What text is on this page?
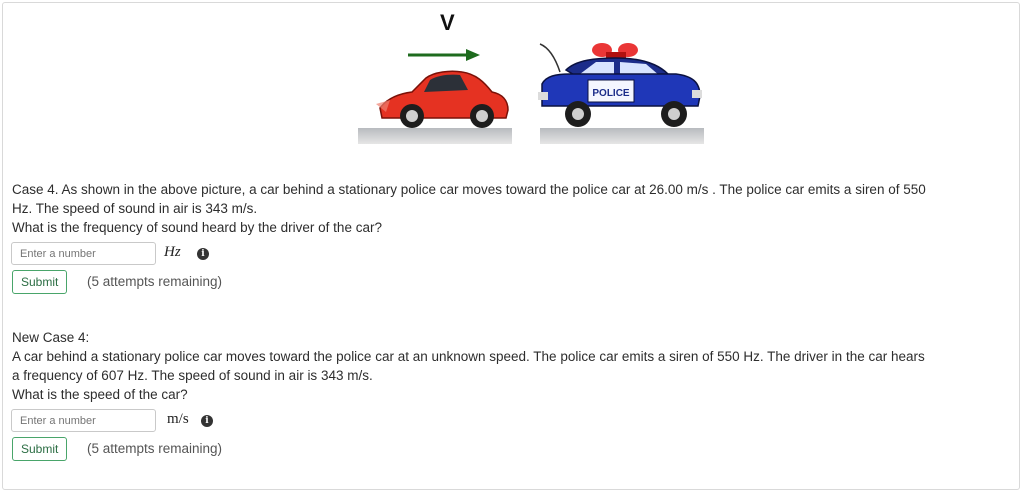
V
POLICE
Case 4. As shown in the above picture, a car behind a stationary police car moves toward the police car at 26.00 m/s . The police car emits a siren of 550
Hz. The speed of sound in air is 343 m/s.
What is the frequency of sound heard by the driver of the car?
Enter a number
Hz	i
Submit	(5 attempts remaining)
New Case 4:
A car behind a stationary police car moves toward the police car at an unknown speed. The police car emits a siren of 550 Hz. The driver in the car hears
a frequency of 607 Hz. The speed of sound in air is 343 m/s.
What is the speed of the car?
Enter a number
m/s	i
Submit	(5 attempts remaining)
